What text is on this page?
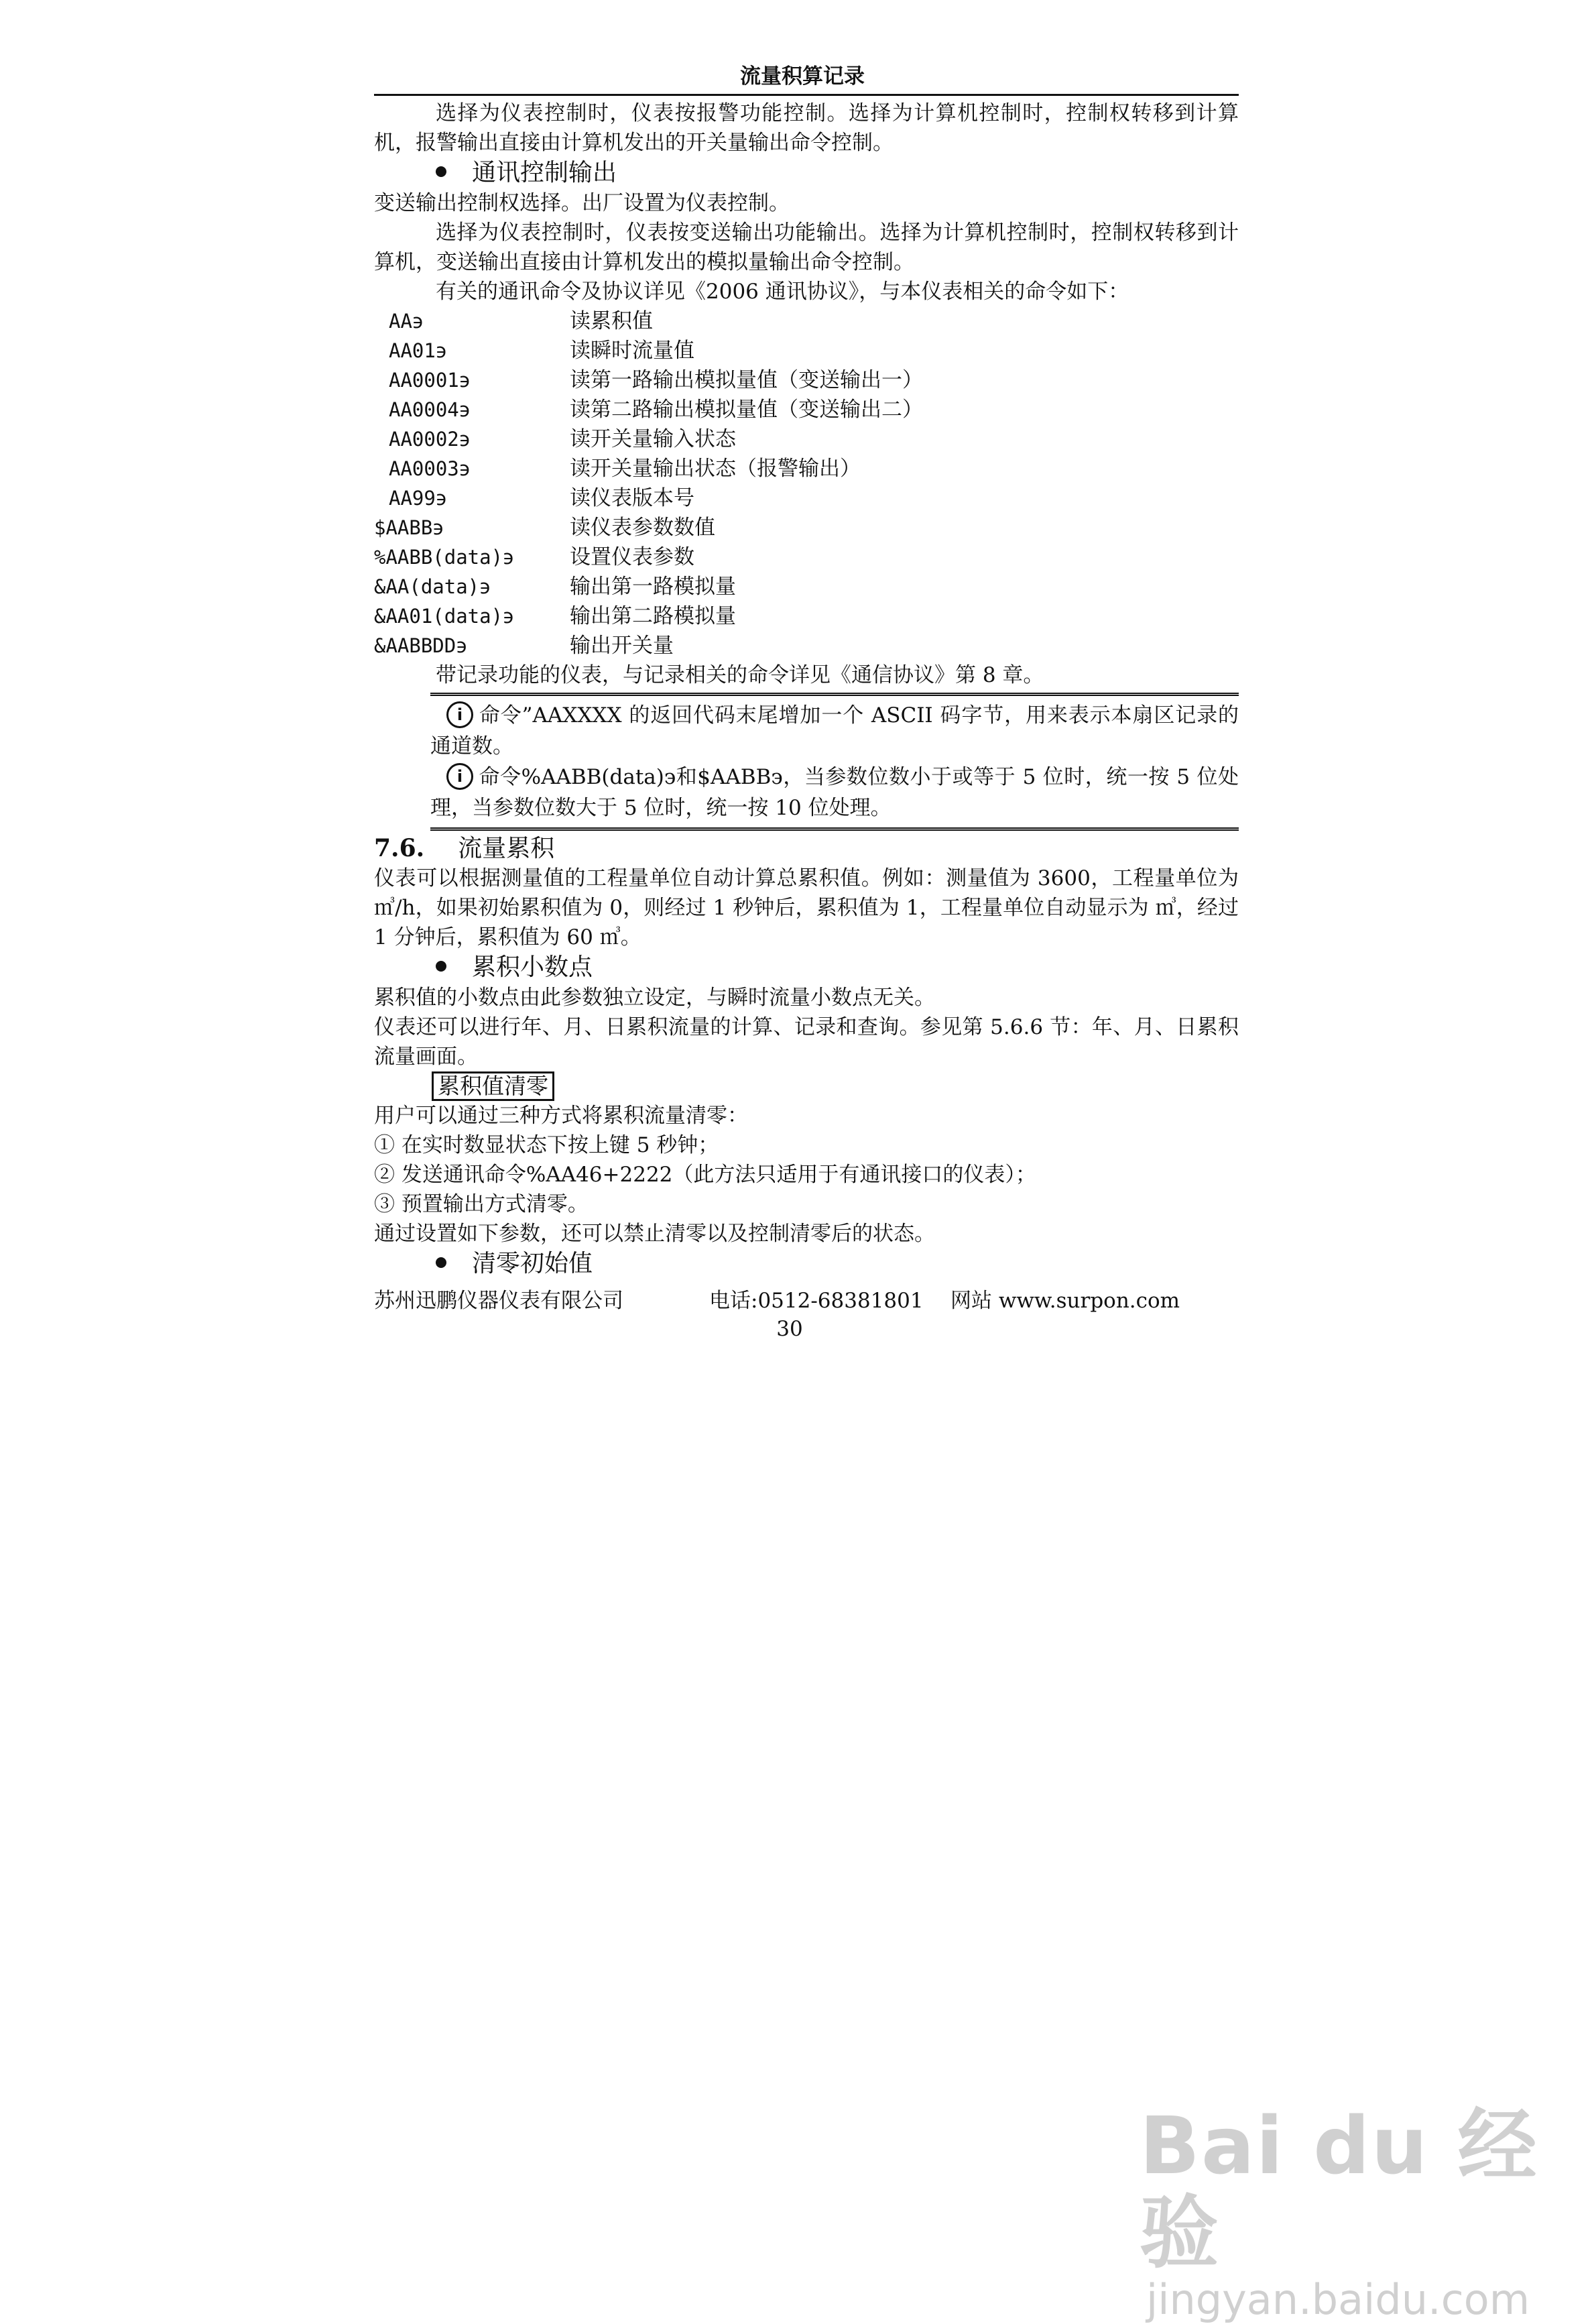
流量积算记录

选择为仪表控制时，仪表按报警功能控制。选择为计算机控制时，控制权转移到计算机，报警输出直接由计算机发出的开关量输出命令控制。

通讯控制输出

变送输出控制权选择。出厂设置为仪表控制。

选择为仪表控制时，仪表按变送输出功能输出。选择为计算机控制时，控制权转移到计算机，变送输出直接由计算机发出的模拟量输出命令控制。

有关的通讯命令及协议详见《2006 通讯协议》，与本仪表相关的命令如下：

AA϶	读累积值
AA01϶	读瞬时流量值
AA0001϶	读第一路输出模拟量值（变送输出一）
AA0004϶	读第二路输出模拟量值（变送输出二）
AA0002϶	读开关量输入状态
AA0003϶	读开关量输出状态（报警输出）
AA99϶	读仪表版本号
$AABB϶	读仪表参数数值
%AABB(data)϶	设置仪表参数
&AA(data)϶	输出第一路模拟量
&AA01(data)϶	输出第二路模拟量
&AABBDD϶	输出开关量

带记录功能的仪表，与记录相关的命令详见《通信协议》第 8 章。

i 命令”AAXXXX 的返回代码末尾增加一个 ASCII 码字节，用来表示本扇区记录的通道数。

i 命令%AABB(data)϶和$AABB϶，当参数位数小于或等于 5 位时，统一按 5 位处理，当参数位数大于 5 位时，统一按 10 位处理。

7.6. 流量累积

仪表可以根据测量值的工程量单位自动计算总累积值。例如：测量值为 3600，工程量单位为 ㎥/h，如果初始累积值为 0，则经过 1 秒钟后，累积值为 1，工程量单位自动显示为 ㎥，经过 1 分钟后，累积值为 60 ㎥。

累积小数点

累积值的小数点由此参数独立设定，与瞬时流量小数点无关。

仪表还可以进行年、月、日累积流量的计算、记录和查询。参见第 5.6.6 节：年、月、日累积流量画面。

累积值清零

用户可以通过三种方式将累积流量清零：

① 在实时数显状态下按上键 5 秒钟；

② 发送通讯命令%AA46+2222（此方法只适用于有通讯接口的仪表）；

③ 预置输出方式清零。

通过设置如下参数，还可以禁止清零以及控制清零后的状态。

清零初始值
苏州迅鹏仪器仪表有限公司	电话:0512-68381801	网站 www.surpon.com
30
Bai du 经验
jingyan.baidu.com
